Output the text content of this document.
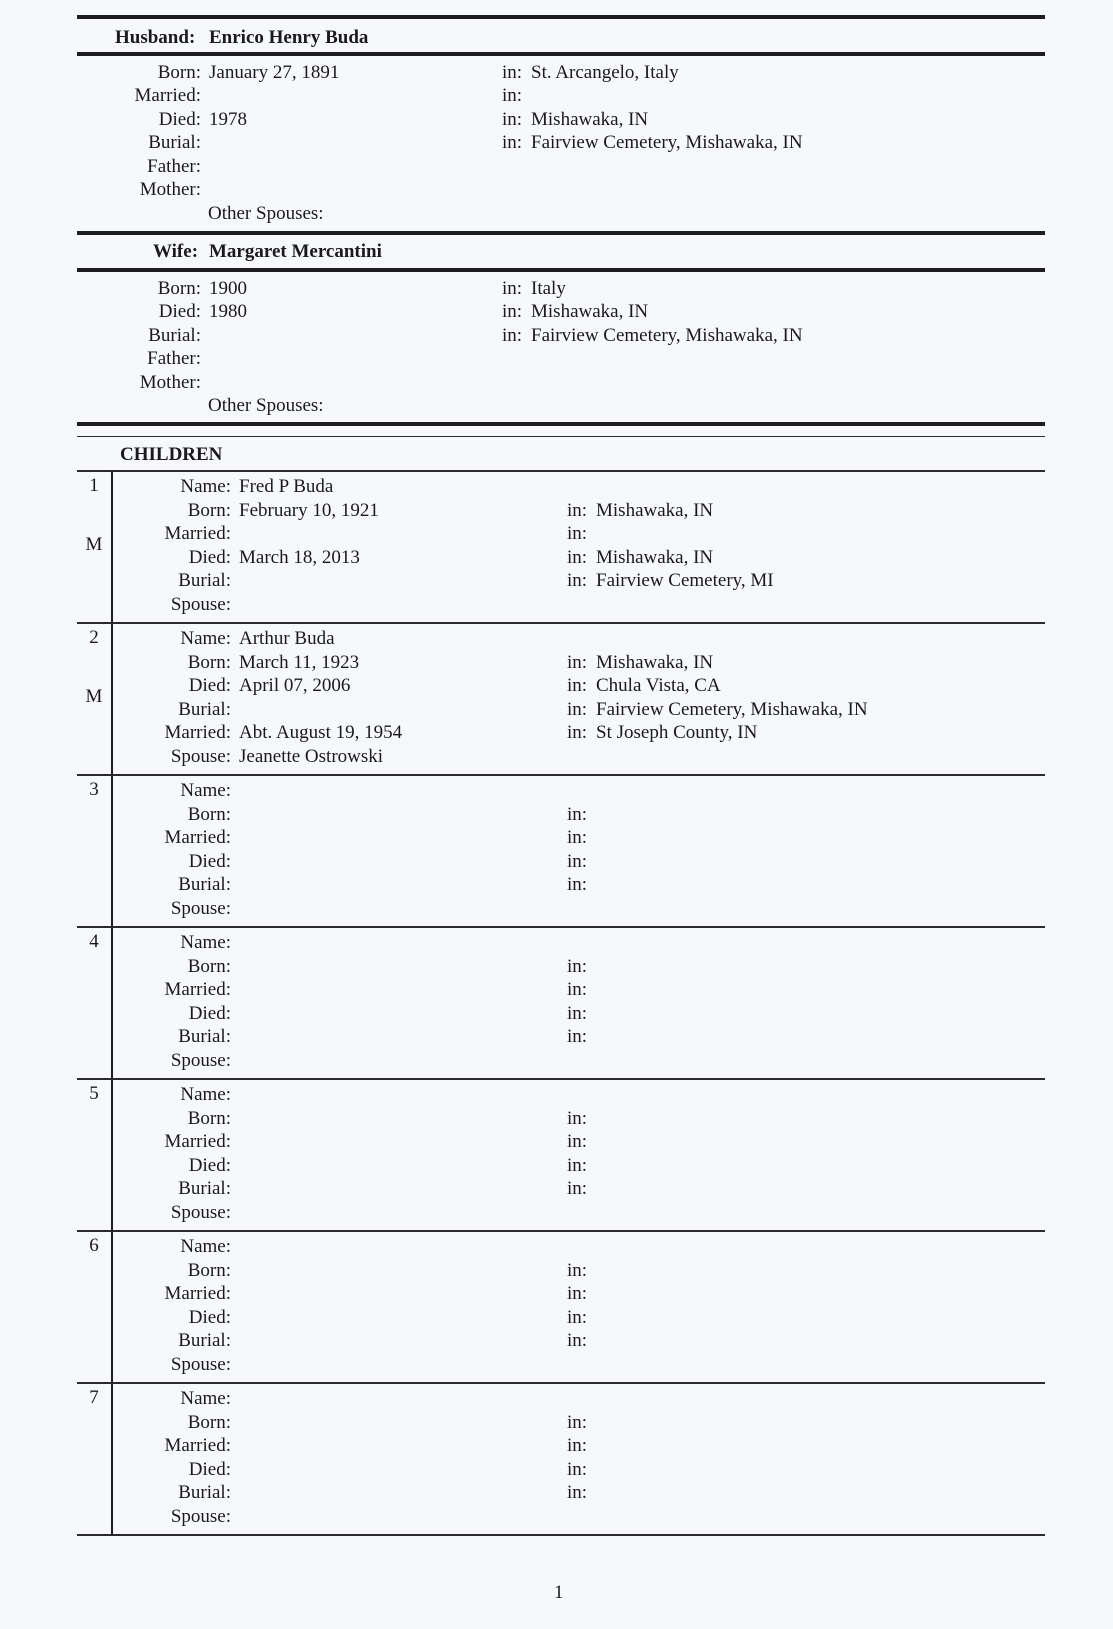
Husband: Enrico Henry Buda
Born: January 27, 1891	in: St. Arcangelo, Italy
Married:	in:
Died: 1978	in: Mishawaka, IN
Burial:	in: Fairview Cemetery, Mishawaka, IN
Father:
Mother:
Other Spouses:
Wife: Margaret Mercantini
Born: 1900	in: Italy
Died: 1980	in: Mishawaka, IN
Burial:	in: Fairview Cemetery, Mishawaka, IN
Father:
Mother:
Other Spouses:
CHILDREN
1
M
Name: Fred P Buda
Born: February 10, 1921	in: Mishawaka, IN
Married:	in:
Died: March 18, 2013	in: Mishawaka, IN
Burial:	in: Fairview Cemetery, MI
Spouse:
2
M
Name: Arthur Buda
Born: March 11, 1923	in: Mishawaka, IN
Died: April 07, 2006	in: Chula Vista, CA
Burial:	in: Fairview Cemetery, Mishawaka, IN
Married: Abt. August 19, 1954	in: St Joseph County, IN
Spouse: Jeanette Ostrowski
3	Name:
Born:	in:
Married:	in:
Died:	in:
Burial:	in:
Spouse:
4	Name:
Born:	in:
Married:	in:
Died:	in:
Burial:	in:
Spouse:
5	Name:
Born:	in:
Married:	in:
Died:	in:
Burial:	in:
Spouse:
6	Name:
Born:	in:
Married:	in:
Died:	in:
Burial:	in:
Spouse:
7	Name:
Born:	in:
Married:	in:
Died:	in:
Burial:	in:
Spouse:
1
